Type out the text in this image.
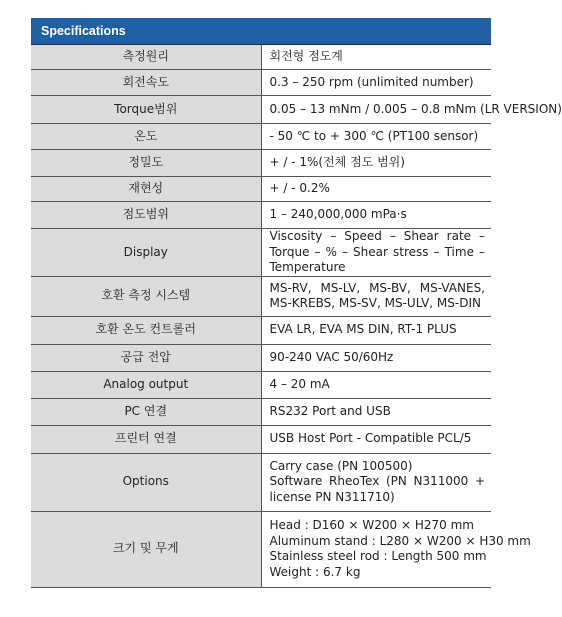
Specifications	
측정원리	회전형 점도계

회전속도	0.3 – 250 rpm (unlimited number)

Torque범위	0.05 – 13 mNm / 0.005 – 0.8 mNm (LR VERSION)

온도	- 50 ℃ to + 300 ℃ (PT100 sensor)

정밀도	+ / - 1%(전체 점도 범위)

재현성	+ / - 0.2%

점도범위	1 – 240,000,000 mPa·s

Display	Viscosity – Speed – Shear rate – Torque – % – Shear stress – Time –Temperature
호환 측정 시스템	MS-RV, MS-LV, MS-BV, MS-VANES, MS-KREBS, MS-SV, MS-ULV, MS-DIN
호환 온도 컨트롤러	EVA LR, EVA MS DIN, RT-1 PLUS

공급 전압	90-240 VAC 50/60Hz

Analog output	4 – 20 mA

PC 연결	RS232 Port and USB

프린터 연결	USB Host Port - Compatible PCL/5

Options	Carry case (PN 100500)
Software RheoTex (PN N311000 + license PN N311710)

크기 및 무게	Head : D160 × W200 × H270 mm
Aluminum stand : L280 × W200 × H30 mm
Stainless steel rod : Length 500 mm
Weight : 6.7 kg
